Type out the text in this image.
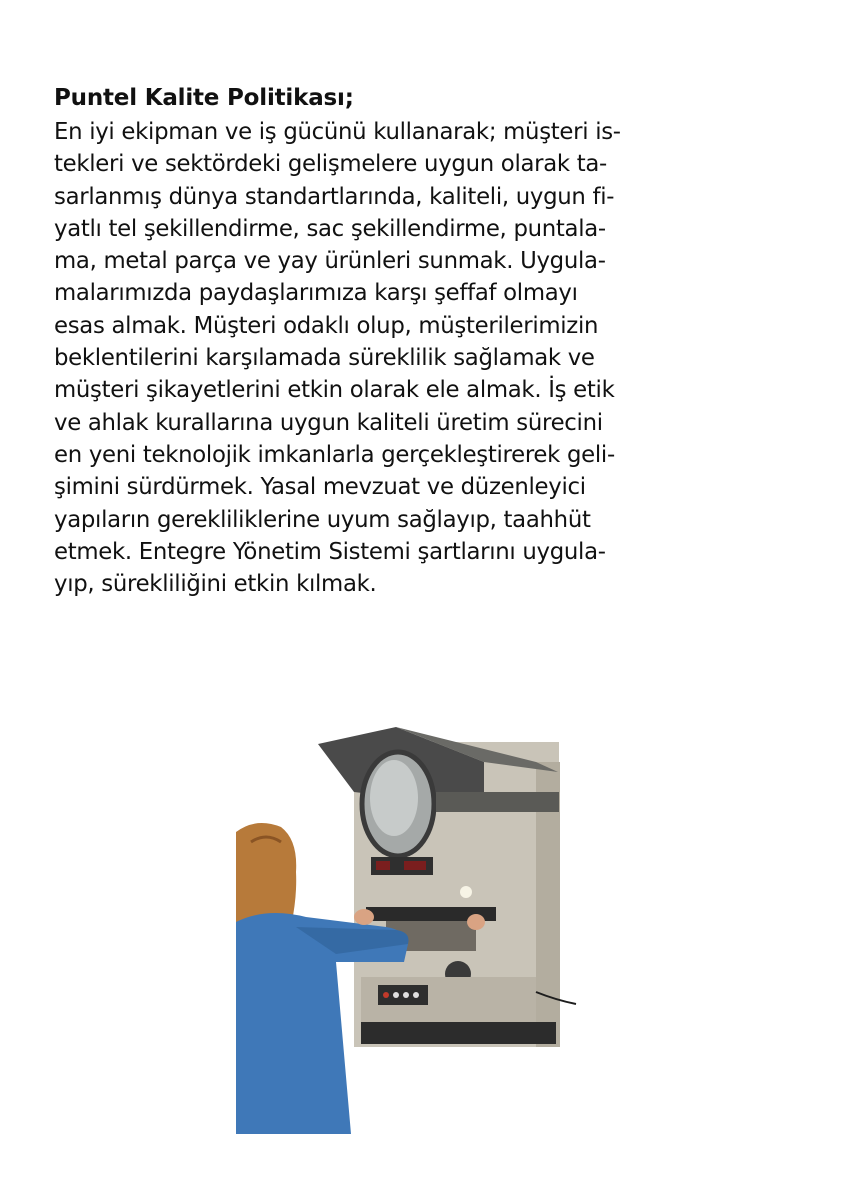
Puntel Kalite Politikası;
En iyi ekipman ve iş gücünü kullanarak; müşteri is-
tekleri ve sektördeki gelişmelere uygun olarak ta-
sarlanmış dünya standartlarında, kaliteli, uygun fi-
yatlı tel şekillendirme, sac şekillendirme, puntala-
ma, metal parça ve yay ürünleri sunmak. Uygula-
malarımızda paydaşlarımıza karşı şeffaf olmayı
esas almak. Müşteri odaklı olup, müşterilerimizin
beklentilerini karşılamada süreklilik sağlamak ve
müşteri şikayetlerini etkin olarak ele almak. İş etik
ve ahlak kurallarına uygun kaliteli üretim sürecini
en yeni teknolojik imkanlarla gerçekleştirerek geli-
şimini sürdürmek. Yasal mevzuat ve düzenleyici
yapıların gerekliliklerine uyum sağlayıp, taahhüt
etmek. Entegre Yönetim Sistemi şartlarını uygula-
yıp, sürekliliğini etkin kılmak.
